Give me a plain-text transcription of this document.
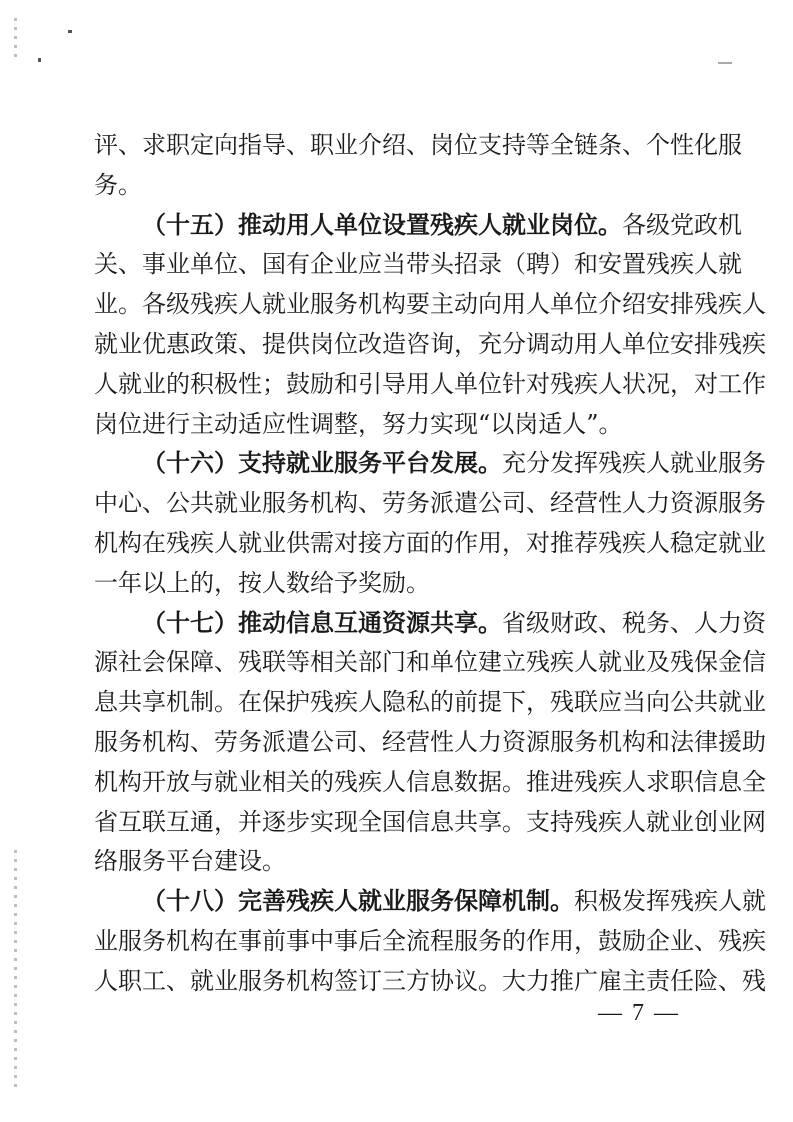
评、求职定向指导、职业介绍、岗位支持等全链条、个性化服
务。
（十五）推动用人单位设置残疾人就业岗位。各级党政机
关、事业单位、国有企业应当带头招录（聘）和安置残疾人就
业。各级残疾人就业服务机构要主动向用人单位介绍安排残疾人
就业优惠政策、提供岗位改造咨询，充分调动用人单位安排残疾
人就业的积极性；鼓励和引导用人单位针对残疾人状况，对工作
岗位进行主动适应性调整，努力实现“以岗适人”。
（十六）支持就业服务平台发展。充分发挥残疾人就业服务
中心、公共就业服务机构、劳务派遣公司、经营性人力资源服务
机构在残疾人就业供需对接方面的作用，对推荐残疾人稳定就业
一年以上的，按人数给予奖励。
（十七）推动信息互通资源共享。省级财政、税务、人力资
源社会保障、残联等相关部门和单位建立残疾人就业及残保金信
息共享机制。在保护残疾人隐私的前提下，残联应当向公共就业
服务机构、劳务派遣公司、经营性人力资源服务机构和法律援助
机构开放与就业相关的残疾人信息数据。推进残疾人求职信息全
省互联互通，并逐步实现全国信息共享。支持残疾人就业创业网
络服务平台建设。
（十八）完善残疾人就业服务保障机制。积极发挥残疾人就
业服务机构在事前事中事后全流程服务的作用，鼓励企业、残疾
人职工、就业服务机构签订三方协议。大力推广雇主责任险、残
— 7 —
